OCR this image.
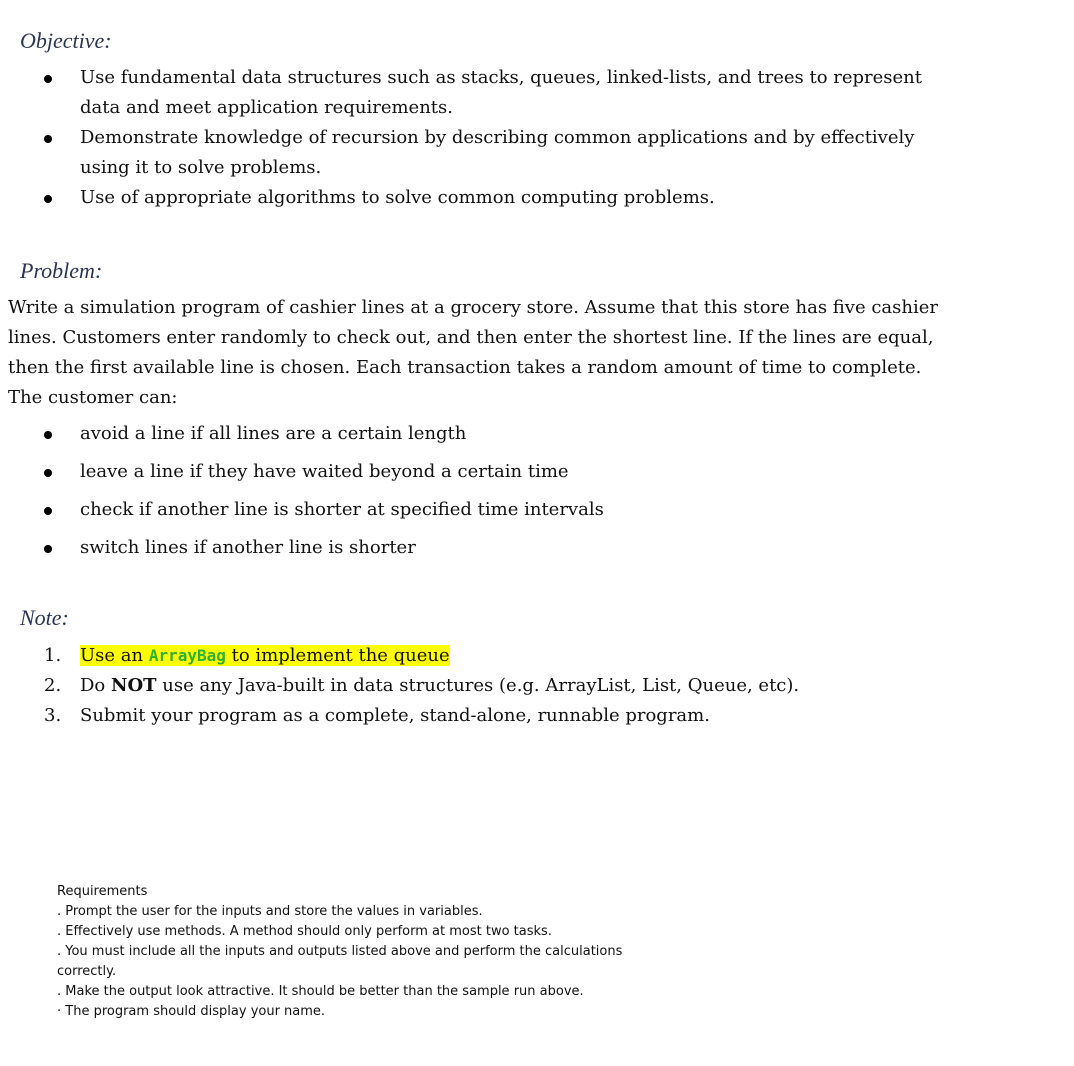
Objective:
Use fundamental data structures such as stacks, queues, linked-lists, and trees to represent data and meet application requirements.
Demonstrate knowledge of recursion by describing common applications and by effectively using it to solve problems.
Use of appropriate algorithms to solve common computing problems.
Problem:
Write a simulation program of cashier lines at a grocery store. Assume that this store has five cashier lines. Customers enter randomly to check out, and then enter the shortest line. If the lines are equal, then the first available line is chosen. Each transaction takes a random amount of time to complete. The customer can:
avoid a line if all lines are a certain length
leave a line if they have waited beyond a certain time
check if another line is shorter at specified time intervals
switch lines if another line is shorter
Note:
1. Use an ArrayBag to implement the queue
2. Do NOT use any Java-built in data structures (e.g. ArrayList, List, Queue, etc).
3. Submit your program as a complete, stand-alone, runnable program.
Requirements
. Prompt the user for the inputs and store the values in variables.
. Effectively use methods. A method should only perform at most two tasks.
. You must include all the inputs and outputs listed above and perform the calculations correctly.
. Make the output look attractive. It should be better than the sample run above.
· The program should display your name.
